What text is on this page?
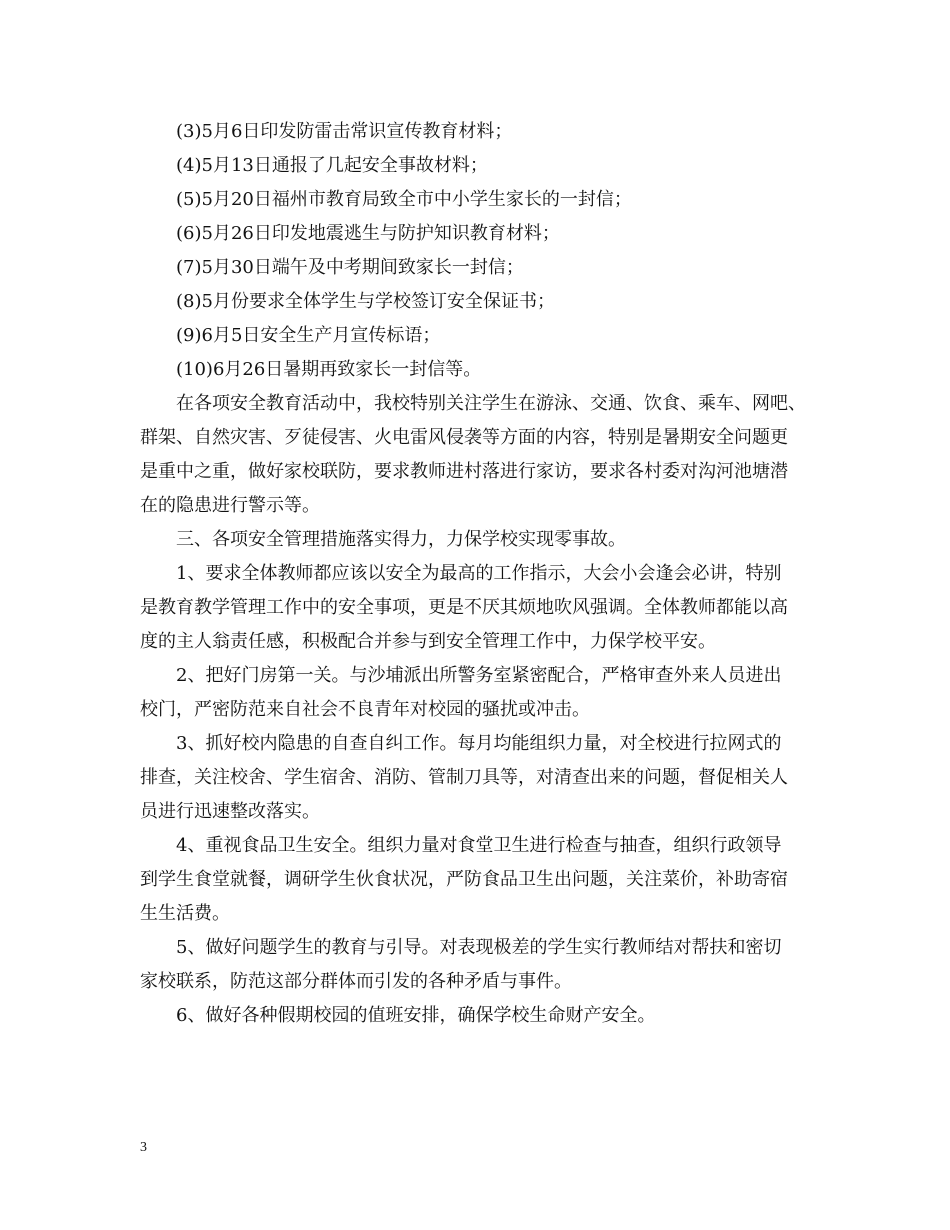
(3)5月6日印发防雷击常识宣传教育材料；
(4)5月13日通报了几起安全事故材料；
(5)5月20日福州市教育局致全市中小学生家长的一封信；
(6)5月26日印发地震逃生与防护知识教育材料；
(7)5月30日端午及中考期间致家长一封信；
(8)5月份要求全体学生与学校签订安全保证书；
(9)6月5日安全生产月宣传标语；
(10)6月26日暑期再致家长一封信等。

在各项安全教育活动中，我校特别关注学生在游泳、交通、饮食、乘车、网吧、
群架、自然灾害、歹徒侵害、火电雷风侵袭等方面的内容，特别是暑期安全问题更
是重中之重，做好家校联防，要求教师进村落进行家访，要求各村委对沟河池塘潜
在的隐患进行警示等。

三、各项安全管理措施落实得力，力保学校实现零事故。

1、要求全体教师都应该以安全为最高的工作指示，大会小会逢会必讲，特别
是教育教学管理工作中的安全事项，更是不厌其烦地吹风强调。全体教师都能以高
度的主人翁责任感，积极配合并参与到安全管理工作中，力保学校平安。

2、把好门房第一关。与沙埔派出所警务室紧密配合，严格审查外来人员进出
校门，严密防范来自社会不良青年对校园的骚扰或冲击。

3、抓好校内隐患的自查自纠工作。每月均能组织力量，对全校进行拉网式的
排查，关注校舍、学生宿舍、消防、管制刀具等，对清查出来的问题，督促相关人
员进行迅速整改落实。

4、重视食品卫生安全。组织力量对食堂卫生进行检查与抽查，组织行政领导
到学生食堂就餐，调研学生伙食状况，严防食品卫生出问题，关注菜价，补助寄宿
生生活费。

5、做好问题学生的教育与引导。对表现极差的学生实行教师结对帮扶和密切
家校联系，防范这部分群体而引发的各种矛盾与事件。

6、做好各种假期校园的值班安排，确保学校生命财产安全。

3
